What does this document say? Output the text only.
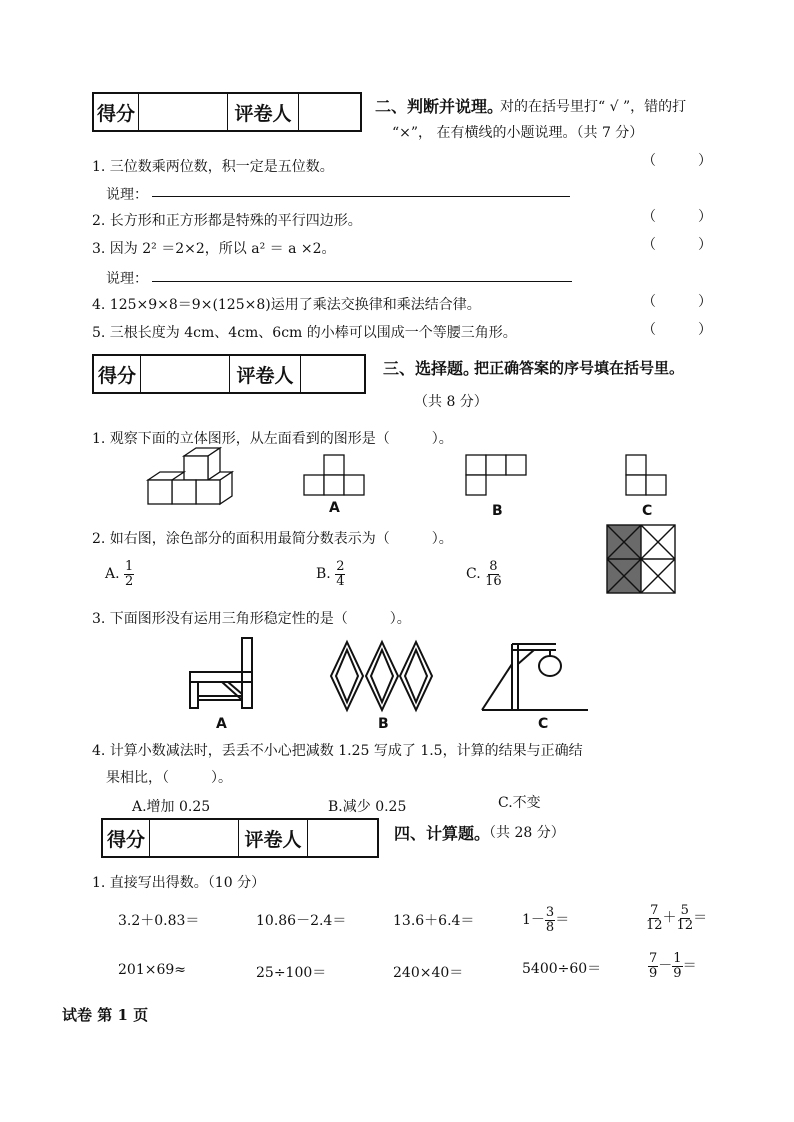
得分	评卷人	二、判断并说理。
对的在括号里打“ √ ”，错的打
“×”， 在有横线的小题说理。（共 7 分）
1. 三位数乘两位数，积一定是五位数。	（　　　）
说理：
2. 长方形和正方形都是特殊的平行四边形。	（　　　）
3. 因为 2² ＝2×2，所以 a² ＝ a ×2。	（　　　）
说理：
4. 125×9×8＝9×(125×8)运用了乘法交换律和乘法结合律。	（　　　）
5. 三根长度为 4cm、4cm、6cm 的小棒可以围成一个等腰三角形。	（　　　）
得分	评卷人	三、选择题。
把正确答案的序号填在括号里。
（共 8 分）
1. 观察下面的立体图形，从左面看到的图形是（　　　）。
A	B	C
2. 如右图，涂色部分的面积用最简分数表示为（　　　）。
A. $\frac{1}{2}$	B. $\frac{2}{4}$	C. $\frac{8}{16}$
3. 下面图形没有运用三角形稳定性的是（　　　）。
A	B	C
4. 计算小数减法时，丢丢不小心把减数 1.25 写成了 1.5，计算的结果与正确结
果相比，（　　　）。
A.增加 0.25	B.减少 0.25	C.不变
得分	评卷人	四、计算题。
（共 28 分）
1. 直接写出得数。（10 分）
3.2＋0.83＝	10.86－2.4＝	13.6＋6.4＝	$1- \frac{3}{8}$ ＝	$\frac{7}{12} + \frac{5}{12}$ ＝
201×69≈	25÷100＝	240×40＝	5400÷60＝	$\frac{7}{9} - \frac{1}{9}$ ＝
试卷 第 1 页
